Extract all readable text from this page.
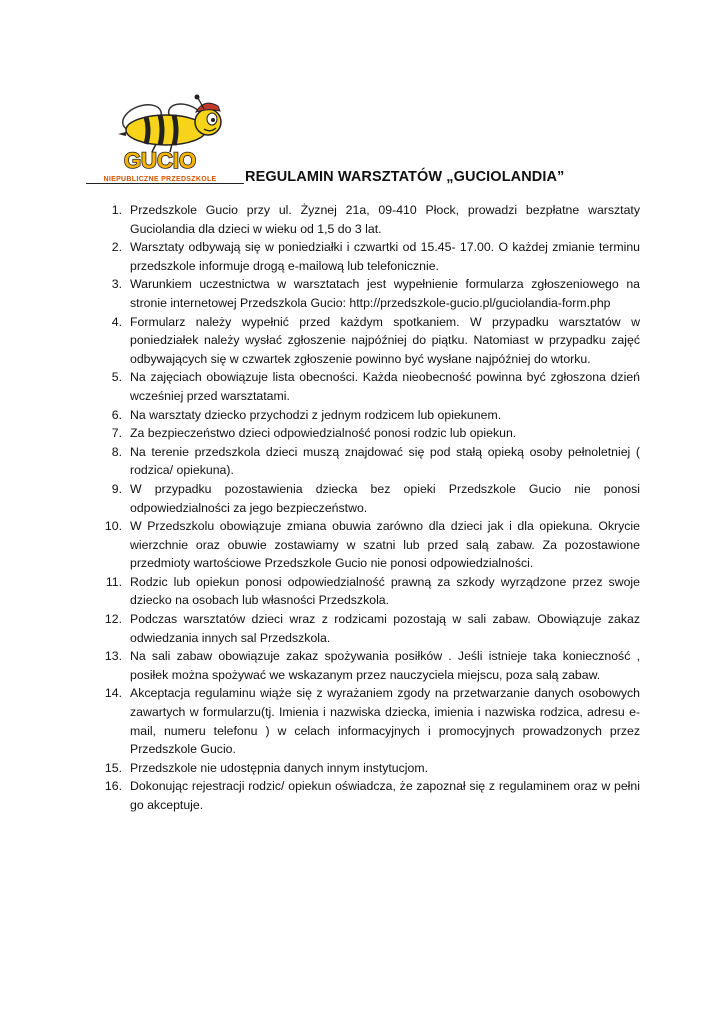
GUCIO
NIEPUBLICZNE PRZEDSZKOLE REGULAMIN WARSZTATÓW „GUCIOLANDIA”
1. Przedszkole Gucio przy ul. Żyznej 21a, 09-410 Płock, prowadzi bezpłatne warsztaty Guciolandia dla dzieci w wieku od 1,5 do 3 lat.
2. Warsztaty odbywają się w poniedziałki i czwartki od 15.45- 17.00. O każdej zmianie terminu przedszkole informuje drogą e-mailową lub telefonicznie.
3. Warunkiem uczestnictwa w warsztatach jest wypełnienie formularza zgłoszeniowego na stronie internetowej Przedszkola Gucio: http://przedszkole-gucio.pl/guciolandia-form.php
4. Formularz należy wypełnić przed każdym spotkaniem. W przypadku warsztatów w poniedziałek należy wysłać zgłoszenie najpóźniej do piątku. Natomiast w przypadku zajęć odbywających się w czwartek zgłoszenie powinno być wysłane najpóźniej do wtorku.
5. Na zajęciach obowiązuje lista obecności. Każda nieobecność powinna być zgłoszona dzień wcześniej przed warsztatami.
6. Na warsztaty dziecko przychodzi z jednym rodzicem lub opiekunem.
7. Za bezpieczeństwo dzieci odpowiedzialność ponosi rodzic lub opiekun.
8. Na terenie przedszkola dzieci muszą znajdować się pod stałą opieką osoby pełnoletniej ( rodzica/ opiekuna).
9. W przypadku pozostawienia dziecka bez opieki Przedszkole Gucio nie ponosi odpowiedzialności za jego bezpieczeństwo.
10. W Przedszkolu obowiązuje zmiana obuwia zarówno dla dzieci jak i dla opiekuna. Okrycie wierzchnie oraz obuwie zostawiamy w szatni lub przed salą zabaw. Za pozostawione przedmioty wartościowe Przedszkole Gucio nie ponosi odpowiedzialności.
11. Rodzic lub opiekun ponosi odpowiedzialność prawną za szkody wyrządzone przez swoje dziecko na osobach lub własności Przedszkola.
12. Podczas warsztatów dzieci wraz z rodzicami pozostają w sali zabaw. Obowiązuje zakaz odwiedzania innych sal Przedszkola.
13. Na sali zabaw obowiązuje zakaz spożywania posiłków . Jeśli istnieje taka konieczność , posiłek można spożywać we wskazanym przez nauczyciela miejscu, poza salą zabaw.
14. Akceptacja regulaminu wiąże się z wyrażaniem zgody na przetwarzanie danych osobowych zawartych w formularzu(tj. Imienia i nazwiska dziecka, imienia i nazwiska rodzica, adresu e-mail, numeru telefonu ) w celach informacyjnych i promocyjnych prowadzonych przez Przedszkole Gucio.
15. Przedszkole nie udostępnia danych innym instytucjom.
16. Dokonując rejestracji rodzic/ opiekun oświadcza, że zapoznał się z regulaminem oraz w pełni go akceptuje.
